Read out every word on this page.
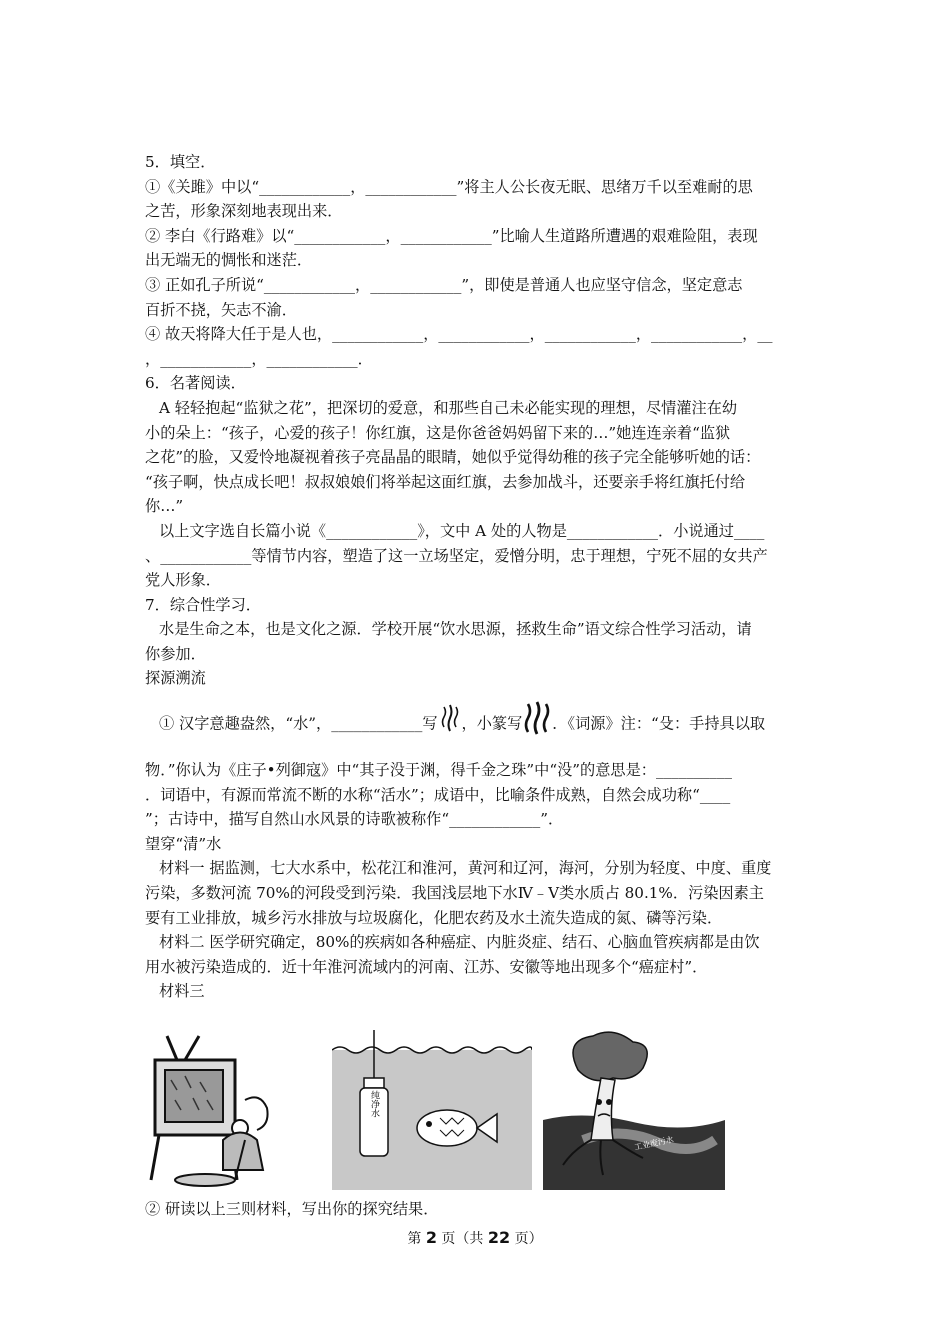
5．填空．
①《关雎》中以“____________，____________”将主人公长夜无眠、思绪万千以至难耐的思
之苦，形象深刻地表现出来．
② 李白《行路难》以“____________，____________”比喻人生道路所遭遇的艰难险阻，表现
出无端无的惆怅和迷茫．
③ 正如孔子所说“____________，____________”，即使是普通人也应坚守信念，坚定意志
百折不挠，矢志不渝．
④ 故天将降大任于是人也，____________，____________，____________，____________，__
，____________，____________．
6．名著阅读．
A 轻轻抱起“监狱之花”，把深切的爱意，和那些自己未必能实现的理想，尽情灌注在幼
小的朵上：“孩子，心爱的孩子！你红旗，这是你爸爸妈妈留下来的…”她连连亲着“监狱
之花”的脸，又爱怜地凝视着孩子亮晶晶的眼睛，她似乎觉得幼稚的孩子完全能够听她的话：
“孩子啊，快点成长吧！叔叔娘娘们将举起这面红旗，去参加战斗，还要亲手将红旗托付给
你…”
以上文字选自长篇小说《____________》，文中 A 处的人物是____________．小说通过____
、____________等情节内容，塑造了这一立场坚定，爱憎分明，忠于理想，宁死不屈的女共产
党人形象．
7．综合性学习．
水是生命之本，也是文化之源．学校开展“饮水思源，拯救生命”语文综合性学习活动，请
你参加．
探源溯流
① 汉字意趣盎然，“水”，____________写 ，小篆写 ．《词源》注：“殳：手持具以取
物．”你认为《庄子•列御寇》中“其子没于渊，得千金之珠”中“没”的意思是：__________
．词语中，有源而常流不断的水称“活水”；成语中，比喻条件成熟，自然会成功称“____
”；古诗中，描写自然山水风景的诗歌被称作“____________”．
望穿“清”水
材料一 据监测，七大水系中，松花江和淮河，黄河和辽河，海河，分别为轻度、中度、重度
污染，多数河流 70%的河段受到污染．我国浅层地下水Ⅳ﹣Ⅴ类水质占 80.1%．污染因素主
要有工业排放，城乡污水排放与垃圾腐化，化肥农药及水土流失造成的氮、磷等污染．
材料二 医学研究确定，80%的疾病如各种癌症、内脏炎症、结石、心脑血管疾病都是由饮
用水被污染造成的．近十年淮河流域内的河南、江苏、安徽等地出现多个“癌症村”．
材料三
纯净水
工业废污水
② 研读以上三则材料，写出你的探究结果．
第 2 页（共 22 页）
